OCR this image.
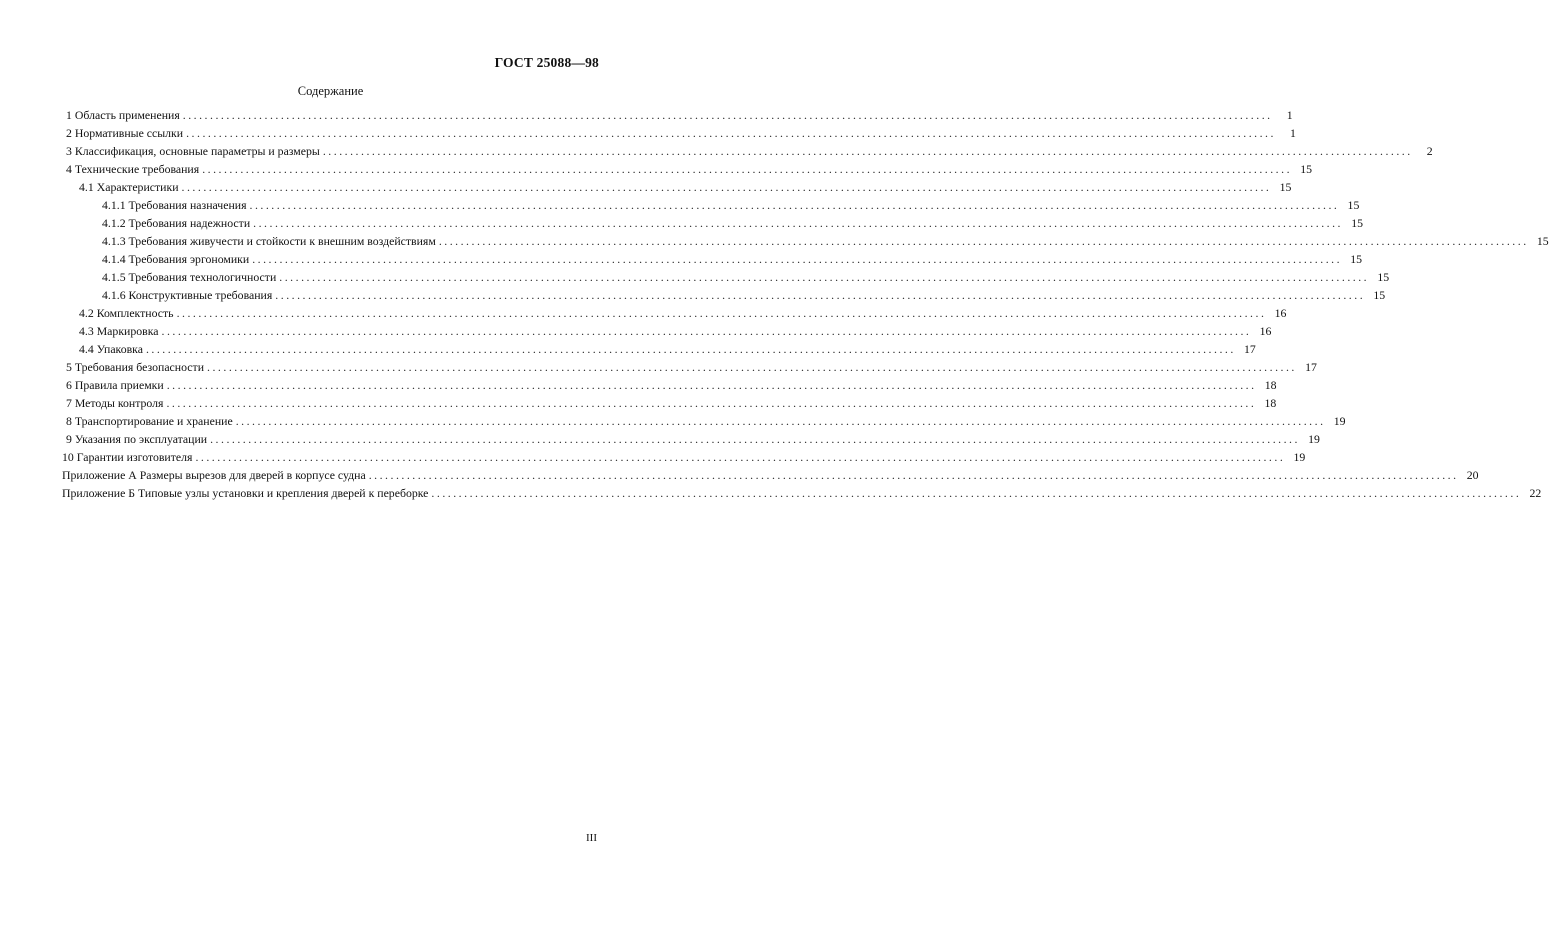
ГОСТ 25088—98
Содержание
1 Область применения ........................................................................................................................................................................................................	1
2 Нормативные ссылки ........................................................................................................................................................................................................	1
3 Классификация, основные параметры и размеры ........................................................................................................................................................................................................	2
4 Технические требования ........................................................................................................................................................................................................ 15
4.1 Характеристики ........................................................................................................................................................................................................ 15
4.1.1 Требования назначения ........................................................................................................................................................................................................ 15
4.1.2 Требования надежности ........................................................................................................................................................................................................ 15
4.1.3 Требования живучести и стойкости к внешним воздействиям ........................................................................................................................................................................................................ 15
4.1.4 Требования эргономики ........................................................................................................................................................................................................ 15
4.1.5 Требования технологичности ........................................................................................................................................................................................................ 15
4.1.6 Конструктивные требования ........................................................................................................................................................................................................ 15
4.2 Комплектность ........................................................................................................................................................................................................ 16
4.3 Маркировка ........................................................................................................................................................................................................ 16
4.4 Упаковка ........................................................................................................................................................................................................ 17
5 Требования безопасности ........................................................................................................................................................................................................ 17
6 Правила приемки ........................................................................................................................................................................................................ 18
7 Методы контроля ........................................................................................................................................................................................................ 18
8 Транспортирование и хранение ........................................................................................................................................................................................................ 19
9 Указания по эксплуатации ........................................................................................................................................................................................................ 19
10 Гарантии изготовителя ........................................................................................................................................................................................................ 19
Приложение А Размеры вырезов для дверей в корпусе судна ........................................................................................................................................................................................................ 20
Приложение Б Типовые узлы установки и крепления дверей к переборке ........................................................................................................................................................................................................ 22
III
